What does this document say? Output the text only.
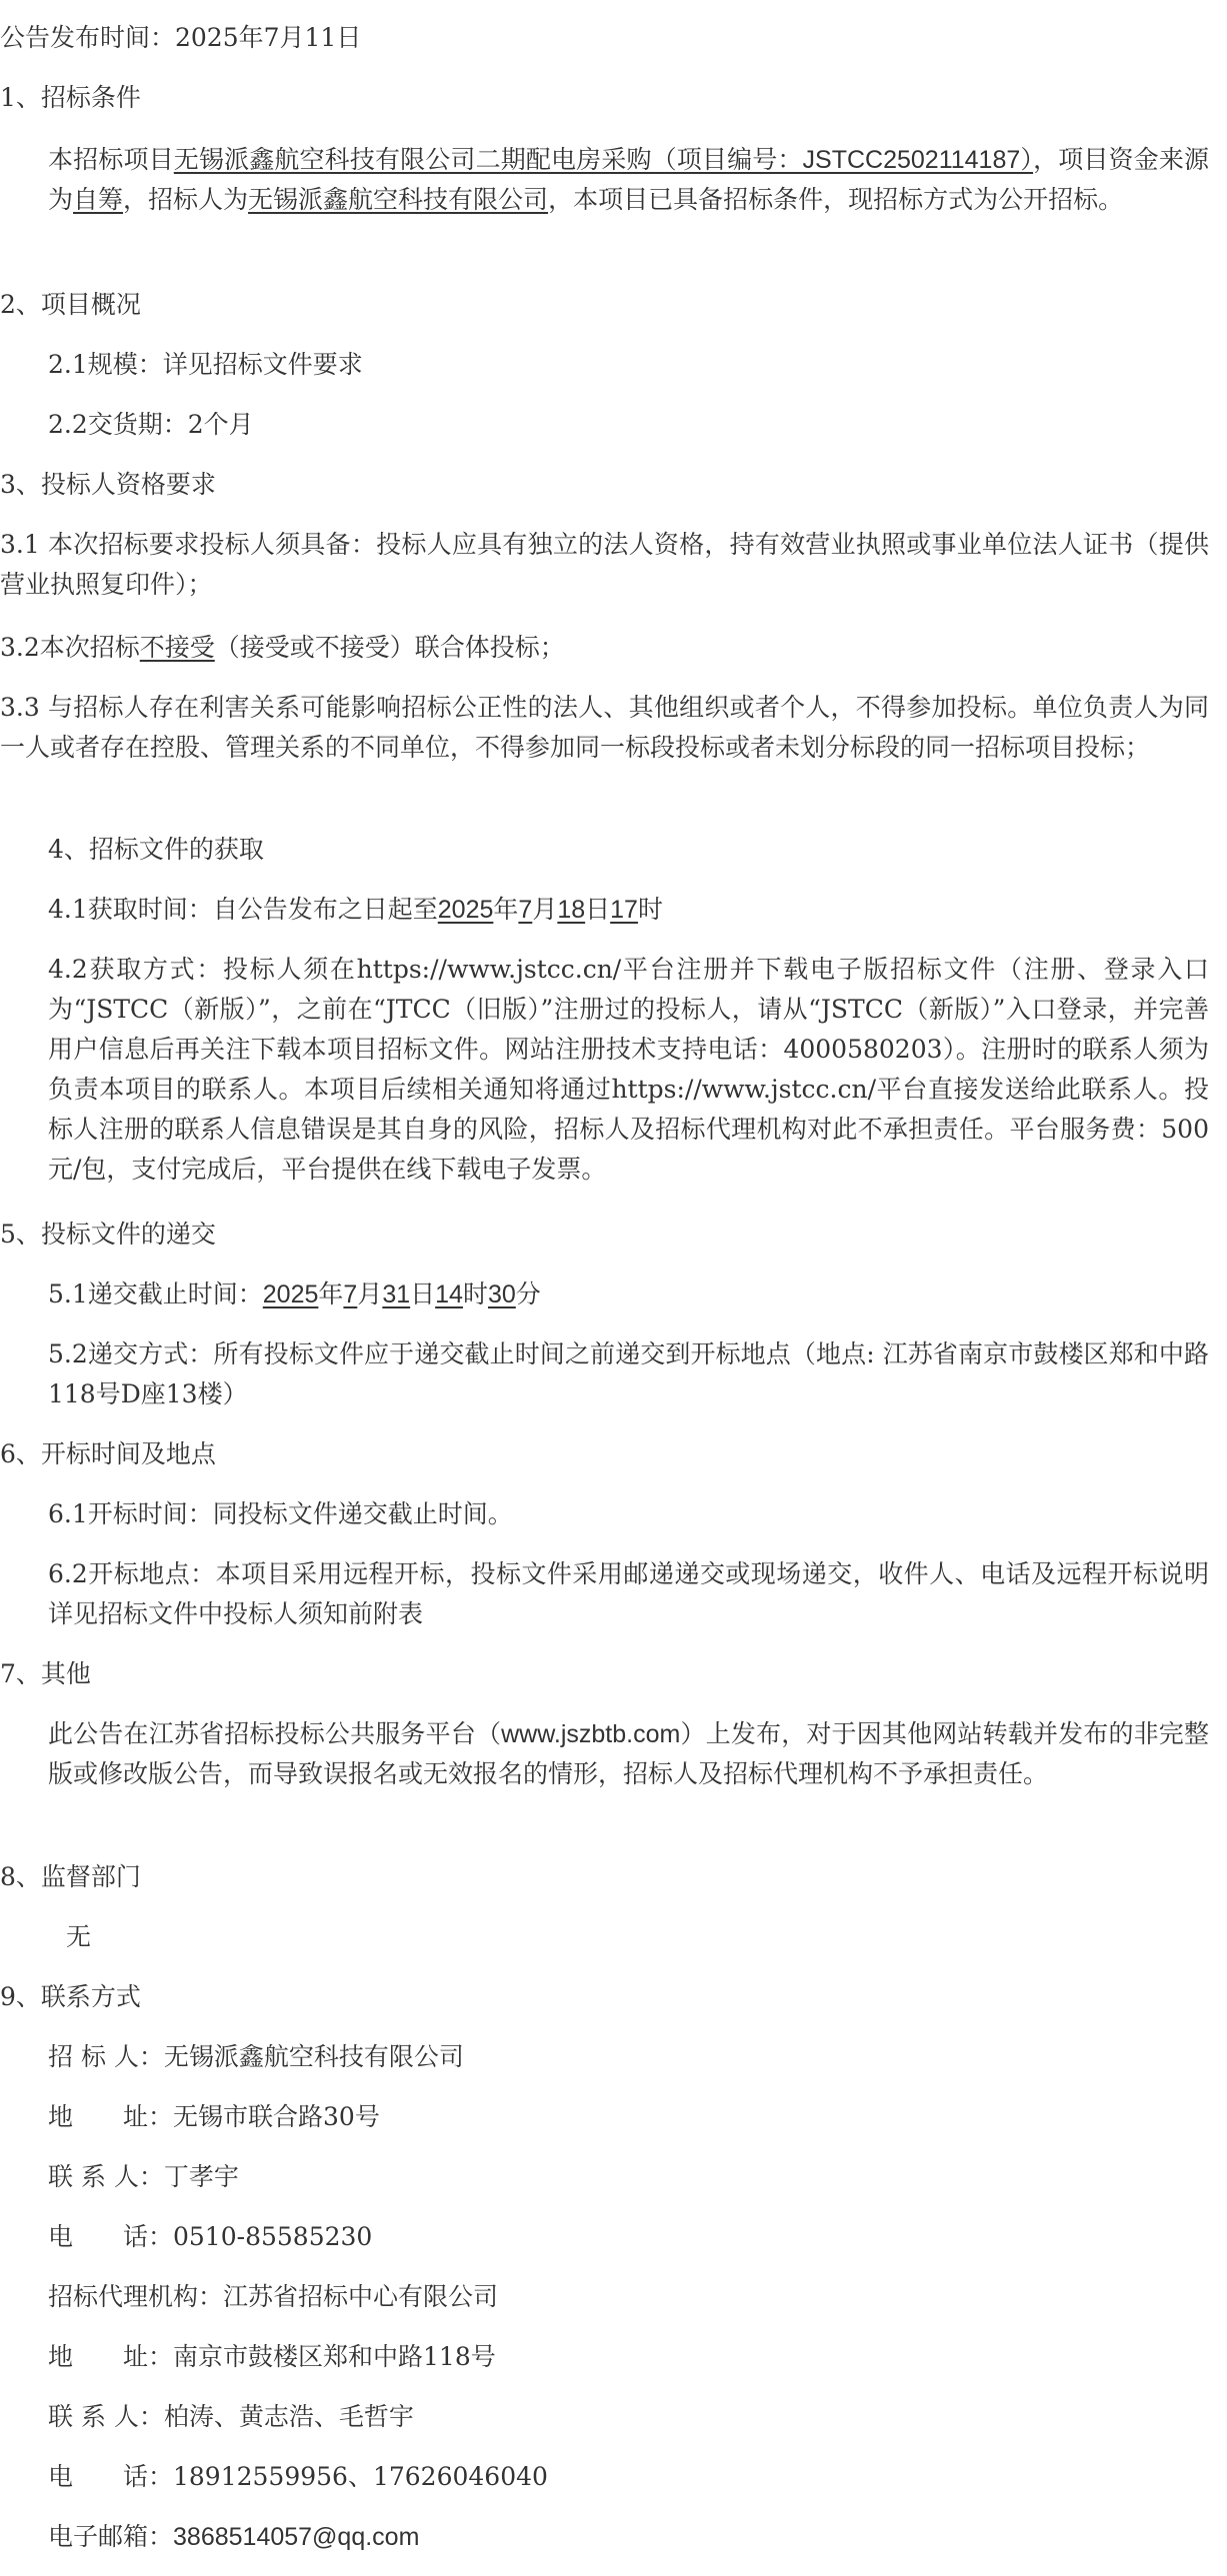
公告发布时间：2025年7月11日

1、招标条件

本招标项目无锡派鑫航空科技有限公司二期配电房采购（项目编号：JSTCC2502114187），项目资金来源为自筹，招标人为无锡派鑫航空科技有限公司，本项目已具备招标条件，现招标方式为公开招标。

2、项目概况

2.1规模：详见招标文件要求

2.2交货期：2个月

3、投标人资格要求

3.1 本次招标要求投标人须具备：投标人应具有独立的法人资格，持有效营业执照或事业单位法人证书（提供营业执照复印件）；

3.2本次招标不接受（接受或不接受）联合体投标；

3.3 与招标人存在利害关系可能影响招标公正性的法人、其他组织或者个人，不得参加投标。单位负责人为同一人或者存在控股、管理关系的不同单位，不得参加同一标段投标或者未划分标段的同一招标项目投标；

4、招标文件的获取

4.1获取时间：自公告发布之日起至2025年7月18日17时

4.2获取方式：投标人须在https://www.jstcc.cn/平台注册并下载电子版招标文件（注册、登录入口为“JSTCC（新版）”，之前在“JTCC（旧版）”注册过的投标人，请从“JSTCC（新版）”入口登录，并完善用户信息后再关注下载本项目招标文件。网站注册技术支持电话：4000580203）。注册时的联系人须为负责本项目的联系人。本项目后续相关通知将通过https://www.jstcc.cn/平台直接发送给此联系人。投标人注册的联系人信息错误是其自身的风险，招标人及招标代理机构对此不承担责任。平台服务费：500元/包，支付完成后，平台提供在线下载电子发票。

5、投标文件的递交

5.1递交截止时间：2025年7月31日14时30分

5.2递交方式：所有投标文件应于递交截止时间之前递交到开标地点（地点: 江苏省南京市鼓楼区郑和中路118号D座13楼）

6、开标时间及地点

6.1开标时间：同投标文件递交截止时间。

6.2开标地点：本项目采用远程开标，投标文件采用邮递递交或现场递交，收件人、电话及远程开标说明详见招标文件中投标人须知前附表

7、其他

此公告在江苏省招标投标公共服务平台（www.jszbtb.com）上发布，对于因其他网站转载并发布的非完整版或修改版公告，而导致误报名或无效报名的情形，招标人及招标代理机构不予承担责任。

8、监督部门

无

9、联系方式

招 标 人：无锡派鑫航空科技有限公司

地　　址：无锡市联合路30号

联 系 人：丁孝宇

电　　话：0510-85585230

招标代理机构：江苏省招标中心有限公司

地　　址：南京市鼓楼区郑和中路118号

联 系 人：柏涛、黄志浩、毛哲宇

电　　话：18912559956、17626046040

电子邮箱：3868514057@qq.com
